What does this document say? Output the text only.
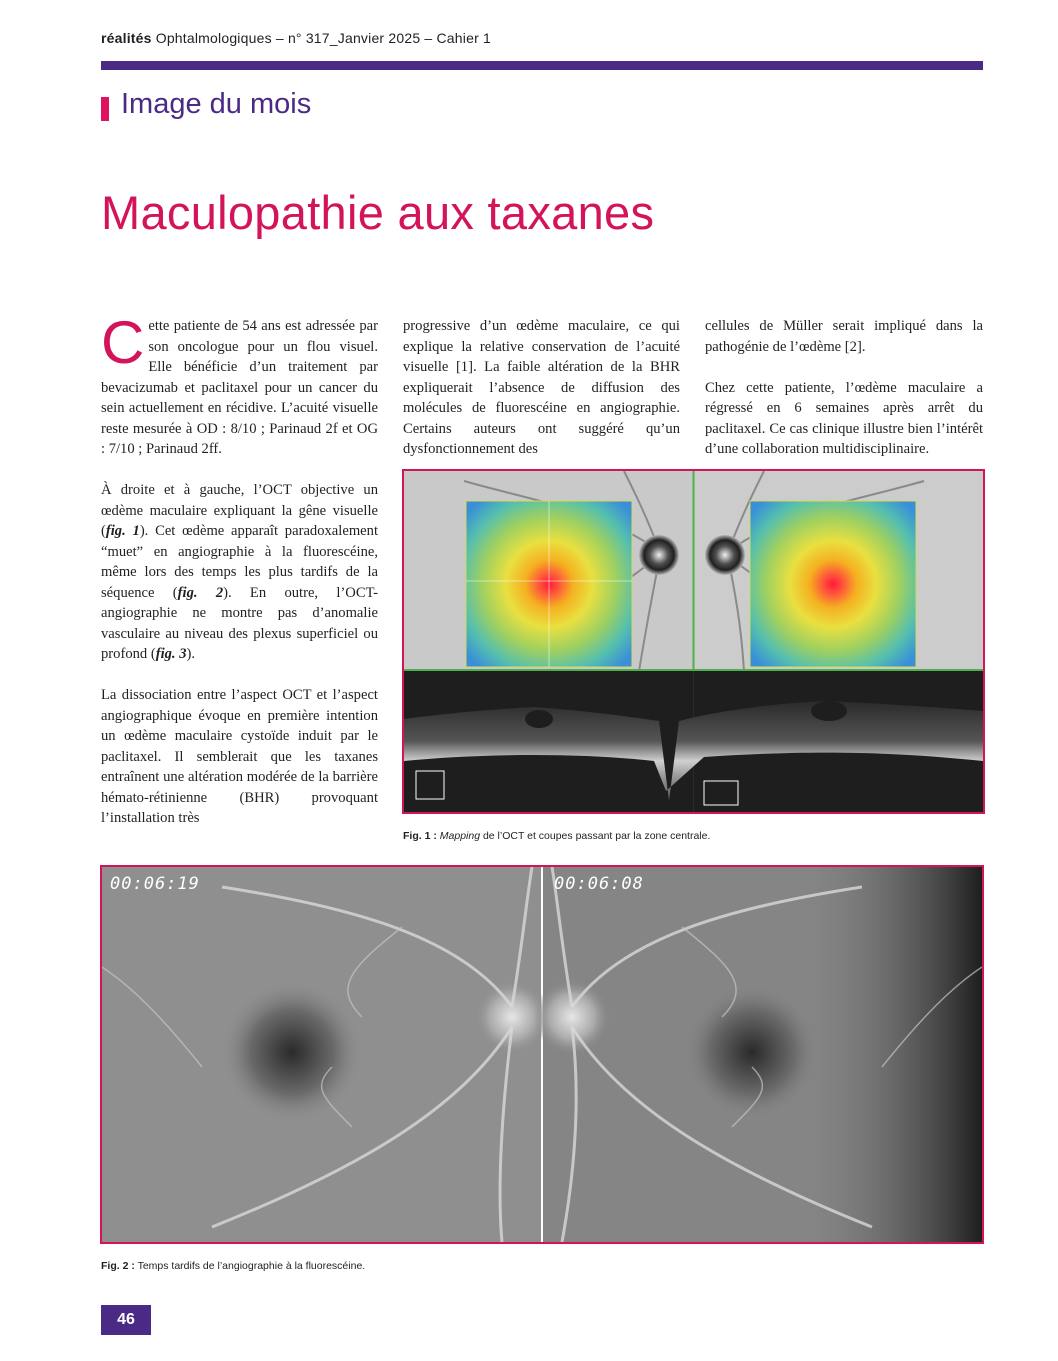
réalités Ophtalmologiques – n° 317_Janvier 2025 – Cahier 1
Image du mois
Maculopathie aux taxanes

Cette patiente de 54 ans est adressée par son oncologue pour un flou visuel. Elle bénéficie d’un traitement par bevacizumab et paclitaxel pour un cancer du sein actuellement en récidive. L’acuité visuelle reste mesurée à OD : 8/10 ; Parinaud 2f et OG : 7/10 ; Parinaud 2ff.

À droite et à gauche, l’OCT objective un œdème maculaire expliquant la gêne visuelle (fig. 1). Cet œdème apparaît paradoxalement “muet” en angiographie à la fluorescéine, même lors des temps les plus tardifs de la séquence (fig. 2). En outre, l’OCT-angiographie ne montre pas d’anomalie vasculaire au niveau des plexus superficiel ou profond (fig. 3).

La dissociation entre l’aspect OCT et l’aspect angiographique évoque en première intention un œdème maculaire cystoïde induit par le paclitaxel. Il semblerait que les taxanes entraînent une altération modérée de la barrière hémato-rétinienne (BHR) provoquant l’installation très

progressive d’un œdème maculaire, ce qui explique la relative conservation de l’acuité visuelle [1]. La faible altération de la BHR expliquerait l’absence de diffusion des molécules de fluorescéine en angiographie. Certains auteurs ont suggéré qu’un dysfonctionnement des

cellules de Müller serait impliqué dans la pathogénie de l’œdème [2].

Chez cette patiente, l’œdème maculaire a régressé en 6 semaines après arrêt du paclitaxel. Ce cas clinique illustre bien l’intérêt d’une collaboration multidisciplinaire.

Fig. 1 : Mapping de l’OCT et coupes passant par la zone centrale.
00:06:19	00:06:08
Fig. 2 : Temps tardifs de l’angiographie à la fluorescéine.
46
